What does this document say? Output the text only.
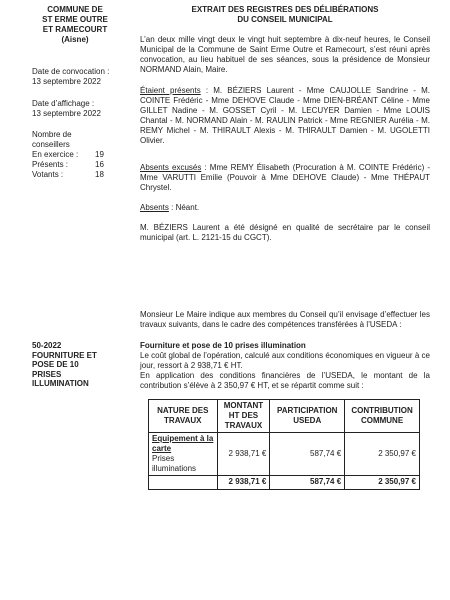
COMMUNE DE
ST ERME OUTRE
ET RAMECOURT
(Aisne)
Date de convocation :
13 septembre 2022
Date d’affichage :
13 septembre 2022
Nombre de
conseillers
En exercice : 19
Présents :	16
Votants :	18
50-2022
FOURNITURE ET
POSE DE 10
PRISES
ILLUMINATION
EXTRAIT DES REGISTRES DES DÉLIBÉRATIONS
DU CONSEIL MUNICIPAL

L’an deux mille vingt deux le vingt huit septembre à dix-neuf heures, le Conseil Municipal de la Commune de Saint Erme Outre et Ramecourt, s’est réuni après convocation, au lieu habituel de ses séances, sous la présidence de Monsieur NORMAND Alain, Maire.

Étaient présents : M. BÉZIERS Laurent - Mme CAUJOLLE Sandrine - M. COINTE Frédéric - Mme DEHOVE Claude - Mme DIEN-BRÉANT Céline - Mme GILLET Nadine - M. GOSSET Cyril - M. LECUYER Damien - Mme LOUIS Chantal - M. NORMAND Alain - M. RAULIN Patrick - Mme REGNIER Aurélia - M. REMY Michel - M. THIRAULT Alexis - M. THIRAULT Damien - M. UGOLETTI Olivier.

Absents excusés : Mme REMY Élisabeth (Procuration à M. COINTE Frédéric) - Mme VARUTTI Emilie (Pouvoir à Mme DEHOVE Claude) - Mme THÉPAUT Chrystel.

Absents : Néant.

M. BÉZIERS Laurent a été désigné en qualité de secrétaire par le conseil municipal (art. L. 2121-15 du CGCT).

Monsieur Le Maire indique aux membres du Conseil qu’il envisage d’effectuer les travaux suivants, dans le cadre des compétences transférées à l’USEDA :

Fourniture et pose de 10 prises illumination

Le coût global de l’opération, calculé aux conditions économiques en vigueur à ce jour, ressort à 2 938,71 € HT.

En application des conditions financières de l’USEDA, le montant de la contribution s’élève à 2 350,97 € HT, et se répartit comme suit :

NATURE DES TRAVAUX	MONTANT HT DES TRAVAUX	PARTICIPATION USEDA	CONTRIBUTION COMMUNE

Equipement à la carte
Prises illuminations	2 938,71 €	587,74 €	2 350,97 €
	2 938,71 €	587,74 €	2 350,97 €
